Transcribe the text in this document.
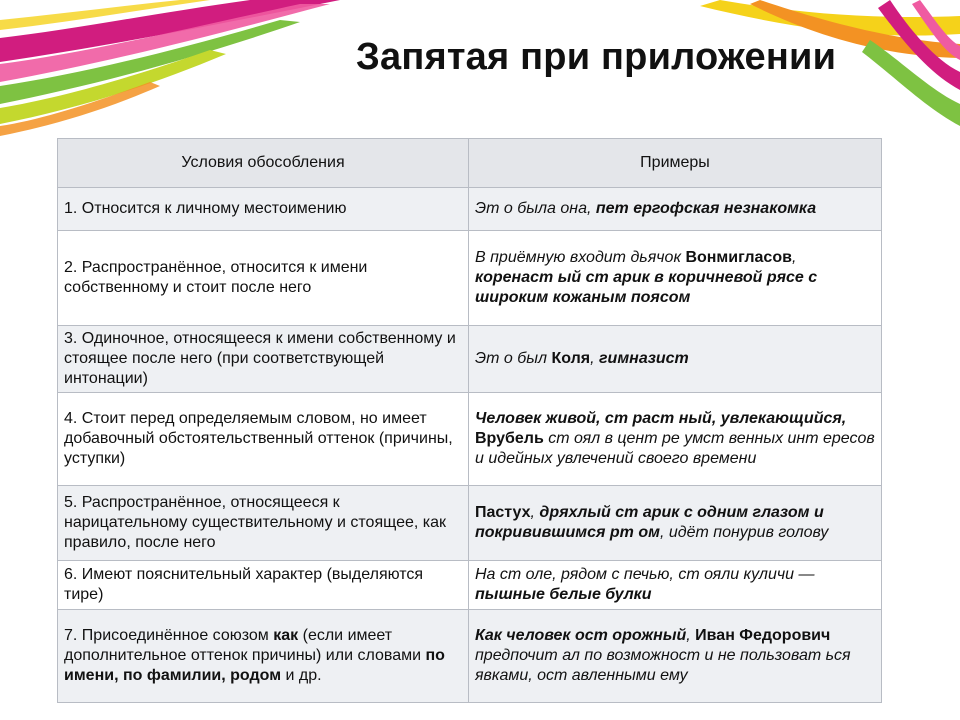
Запятая при приложении
Условия обособления	Примеры
1. Относится к личному местоимению	Эт о была она, пет ергофская незнакомка
2. Распространённое, относится к имени собственному и стоит после него	В приёмную входит дьячок Вонмигласов, коренаст ый ст арик в коричневой рясе с широким кожаным поясом
3. Одиночное, относящееся к имени собственному и стоящее после него (при соответствующей интонации)	Эт о был Коля, гимназист
4. Стоит перед определяемым словом, но имеет добавочный обстоятельственный оттенок (причины, уступки)	Человек живой, ст раст ный, увлекающийся, Врубель ст оял в цент ре умст венных инт ересов и идейных увлечений своего времени
5. Распространённое, относящееся к нарицательному существительному и стоящее, как правило, после него	Пастух, дряхлый ст арик с одним глазом и покривившимся рт ом, идёт понурив голову
6. Имеют пояснительный характер (выделяются тире)	На ст оле, рядом с печью, ст ояли куличи — пышные белые булки
7. Присоединённое союзом как (если имеет дополнительное оттенок причины) или словами по имени, по фамилии, родом и др.	Как человек ост орожный, Иван Федорович предпочит ал по возможност и не пользоват ься явками, ост авленными ему
